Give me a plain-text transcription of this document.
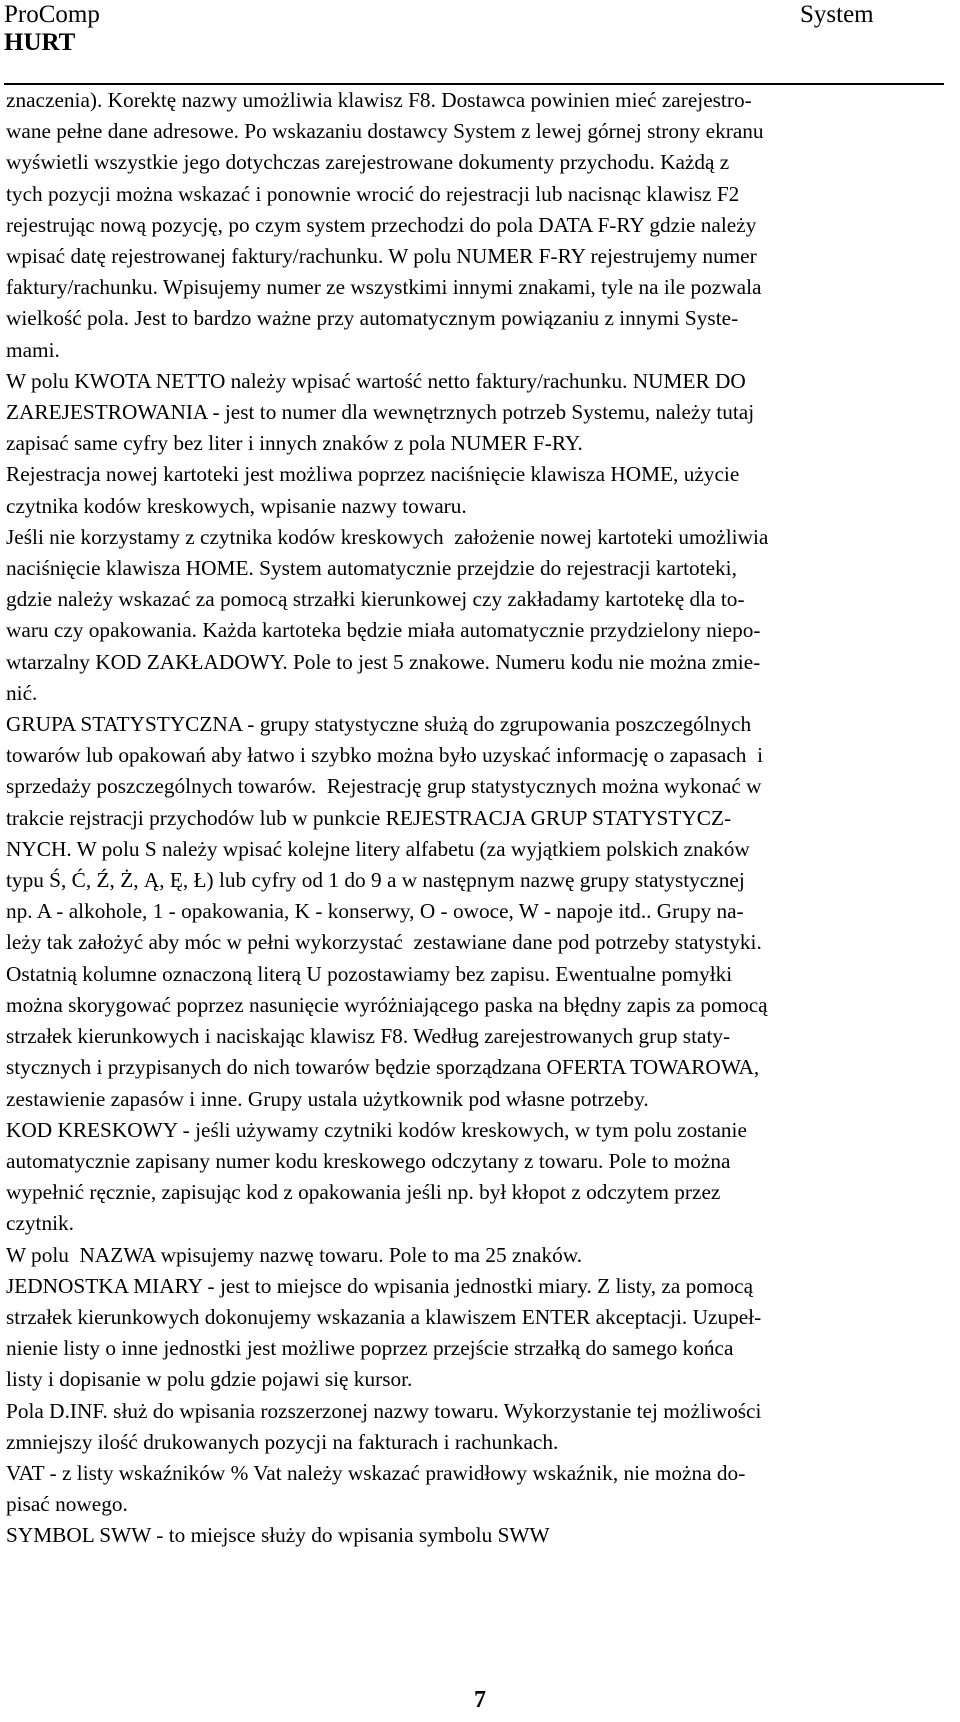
ProComp
HURT
System

znaczenia). Korektę nazwy umożliwia klawisz F8. Dostawca powinien mieć zarejestro-

wane pełne dane adresowe. Po wskazaniu dostawcy System z lewej górnej strony ekranu

wyświetli wszystkie jego dotychczas zarejestrowane dokumenty przychodu. Każdą z

tych pozycji można wskazać i ponownie wrocić do rejestracji lub nacisnąc klawisz F2

rejestrując nową pozycję, po czym system przechodzi do pola DATA F-RY gdzie należy

wpisać datę rejestrowanej faktury/rachunku. W polu NUMER F-RY rejestrujemy numer

faktury/rachunku. Wpisujemy numer ze wszystkimi innymi znakami, tyle na ile pozwala

wielkość pola. Jest to bardzo ważne przy automatycznym powiązaniu z innymi Syste-

mami.

W polu KWOTA NETTO należy wpisać wartość netto faktury/rachunku. NUMER DO

ZAREJESTROWANIA - jest to numer dla wewnętrznych potrzeb Systemu, należy tutaj

zapisać same cyfry bez liter i innych znaków z pola NUMER F-RY.

Rejestracja nowej kartoteki jest możliwa poprzez naciśnięcie klawisza HOME, użycie

czytnika kodów kreskowych, wpisanie nazwy towaru.

Jeśli nie korzystamy z czytnika kodów kreskowych  założenie nowej kartoteki umożliwia

naciśnięcie klawisza HOME. System automatycznie przejdzie do rejestracji kartoteki,

gdzie należy wskazać za pomocą strzałki kierunkowej czy zakładamy kartotekę dla to-

waru czy opakowania. Każda kartoteka będzie miała automatycznie przydzielony niepo-

wtarzalny KOD ZAKŁADOWY. Pole to jest 5 znakowe. Numeru kodu nie można zmie-

nić.

GRUPA STATYSTYCZNA - grupy statystyczne służą do zgrupowania poszczególnych

towarów lub opakowań aby łatwo i szybko można było uzyskać informację o zapasach  i

sprzedaży poszczególnych towarów.  Rejestrację grup statystycznych można wykonać w

trakcie rejstracji przychodów lub w punkcie REJESTRACJA GRUP STATYSTYCZ-

NYCH. W polu S należy wpisać kolejne litery alfabetu (za wyjątkiem polskich znaków

typu Ś, Ć, Ź, Ż, Ą, Ę, Ł) lub cyfry od 1 do 9 a w następnym nazwę grupy statystycznej

np. A - alkohole, 1 - opakowania, K - konserwy, O - owoce, W - napoje itd.. Grupy na-

leży tak założyć aby móc w pełni wykorzystać  zestawiane dane pod potrzeby statystyki.

Ostatnią kolumne oznaczoną literą U pozostawiamy bez zapisu. Ewentualne pomyłki

można skorygować poprzez nasunięcie wyróżniającego paska na błędny zapis za pomocą

strzałek kierunkowych i naciskając klawisz F8. Według zarejestrowanych grup staty-

stycznych i przypisanych do nich towarów będzie sporządzana OFERTA TOWAROWA,

zestawienie zapasów i inne. Grupy ustala użytkownik pod własne potrzeby.

KOD KRESKOWY - jeśli używamy czytniki kodów kreskowych, w tym polu zostanie

automatycznie zapisany numer kodu kreskowego odczytany z towaru. Pole to można

wypełnić ręcznie, zapisując kod z opakowania jeśli np. był kłopot z odczytem przez

czytnik.

W polu  NAZWA wpisujemy nazwę towaru. Pole to ma 25 znaków.

JEDNOSTKA MIARY - jest to miejsce do wpisania jednostki miary. Z listy, za pomocą

strzałek kierunkowych dokonujemy wskazania a klawiszem ENTER akceptacji. Uzupeł-

nienie listy o inne jednostki jest możliwe poprzez przejście strzałką do samego końca

listy i dopisanie w polu gdzie pojawi się kursor.

Pola D.INF. służ do wpisania rozszerzonej nazwy towaru. Wykorzystanie tej możliwości

zmniejszy ilość drukowanych pozycji na fakturach i rachunkach.

VAT - z listy wskaźników % Vat należy wskazać prawidłowy wskaźnik, nie można do-

pisać nowego.

SYMBOL SWW - to miejsce służy do wpisania symbolu SWW

7
